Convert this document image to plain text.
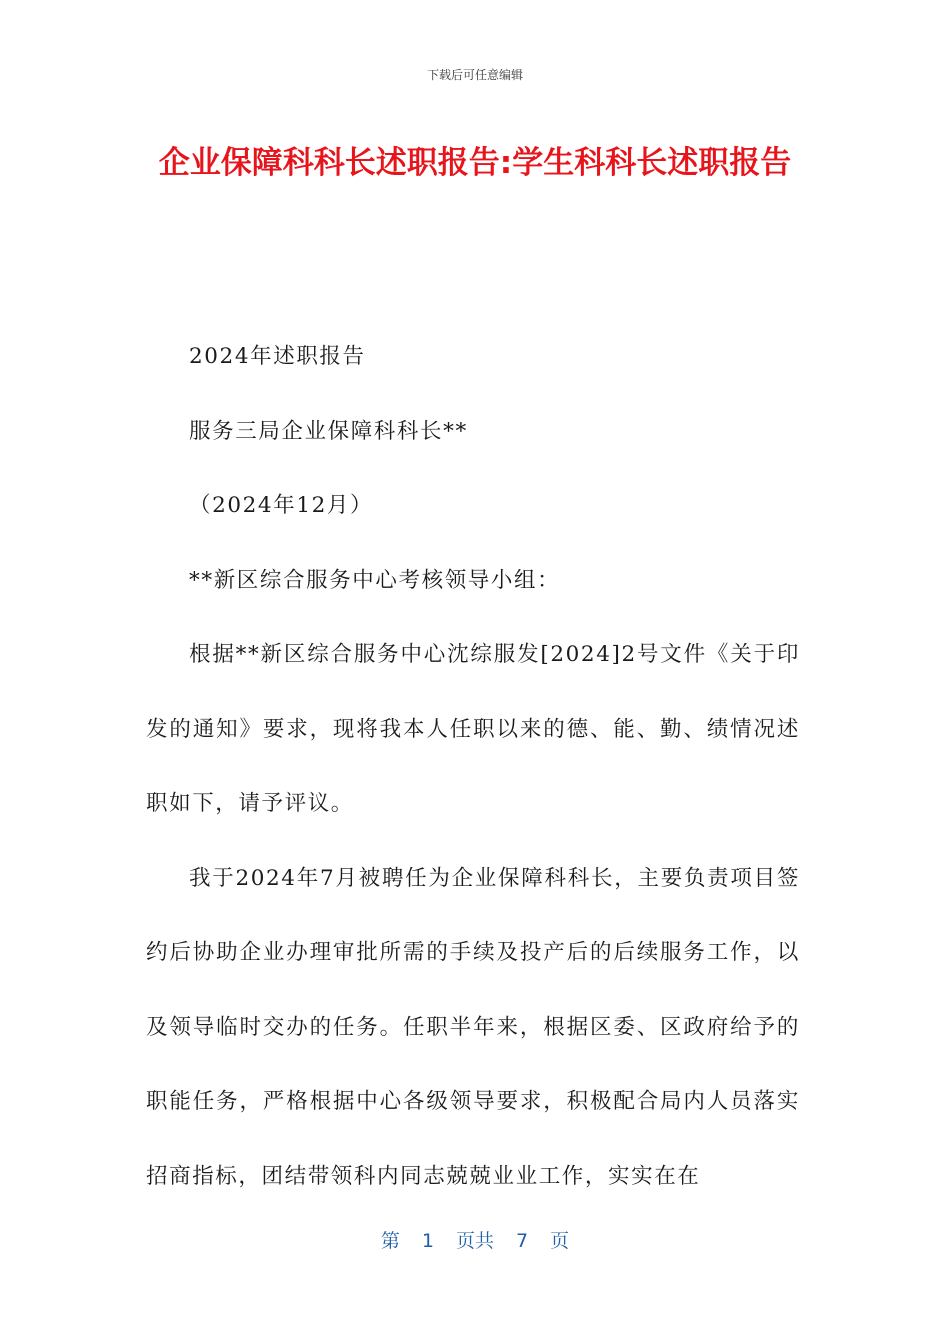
下载后可任意编辑
企业保障科科长述职报告:学生科科长述职报告

2024年述职报告

服务三局企业保障科科长**

（2024年12月）

**新区综合服务中心考核领导小组：

根据**新区综合服务中心沈综服发[2024]2号文件《关于印发的通知》要求，现将我本人任职以来的德、能、勤、绩情况述职如下，请予评议。

我于2024年7月被聘任为企业保障科科长，主要负责项目签约后协助企业办理审批所需的手续及投产后的后续服务工作，以及领导临时交办的任务。任职半年来，根据区委、区政府给予的职能任务，严格根据中心各级领导要求，积极配合局内人员落实招商指标，团结带领科内同志兢兢业业工作，实实在在

第 1 页共 7 页
